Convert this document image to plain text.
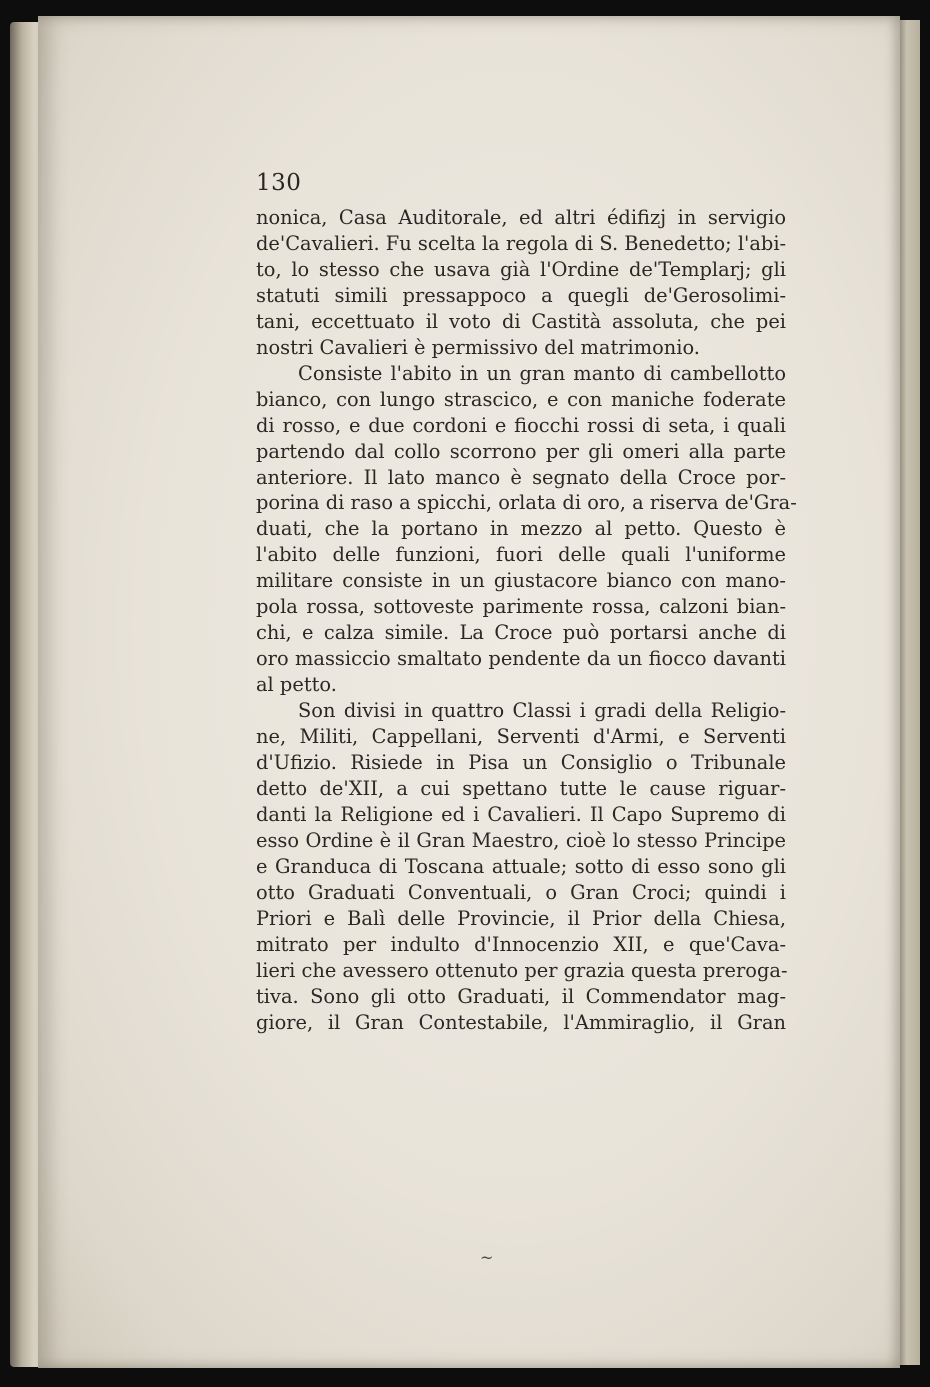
130
nonica, Casa Auditorale, ed altri édifizj in servigio
de'Cavalieri. Fu scelta la regola di S. Benedetto; l'abi-
to, lo stesso che usava già l'Ordine de'Templarj; gli
statuti simili pressappoco a quegli de'Gerosolimi-
tani, eccettuato il voto di Castità assoluta, che pei
nostri Cavalieri è permissivo del matrimonio.
Consiste l'abito in un gran manto di cambellotto
bianco, con lungo strascico, e con maniche foderate
di rosso, e due cordoni e fiocchi rossi di seta, i quali
partendo dal collo scorrono per gli omeri alla parte
anteriore. Il lato manco è segnato della Croce por-
porina di raso a spicchi, orlata di oro, a riserva de'Gra-
duati, che la portano in mezzo al petto. Questo è
l'abito delle funzioni, fuori delle quali l'uniforme
militare consiste in un giustacore bianco con mano-
pola rossa, sottoveste parimente rossa, calzoni bian-
chi, e calza simile. La Croce può portarsi anche di
oro massiccio smaltato pendente da un fiocco davanti
al petto.
Son divisi in quattro Classi i gradi della Religio-
ne, Militi, Cappellani, Serventi d'Armi, e Serventi
d'Ufizio. Risiede in Pisa un Consiglio o Tribunale
detto de'XII, a cui spettano tutte le cause riguar-
danti la Religione ed i Cavalieri. Il Capo Supremo di
esso Ordine è il Gran Maestro, cioè lo stesso Principe
e Granduca di Toscana attuale; sotto di esso sono gli
otto Graduati Conventuali, o Gran Croci; quindi i
Priori e Balì delle Provincie, il Prior della Chiesa,
mitrato per indulto d'Innocenzio XII, e que'Cava-
lieri che avessero ottenuto per grazia questa preroga-
tiva. Sono gli otto Graduati, il Commendator mag-
giore, il Gran Contestabile, l'Ammiraglio, il Gran
~
